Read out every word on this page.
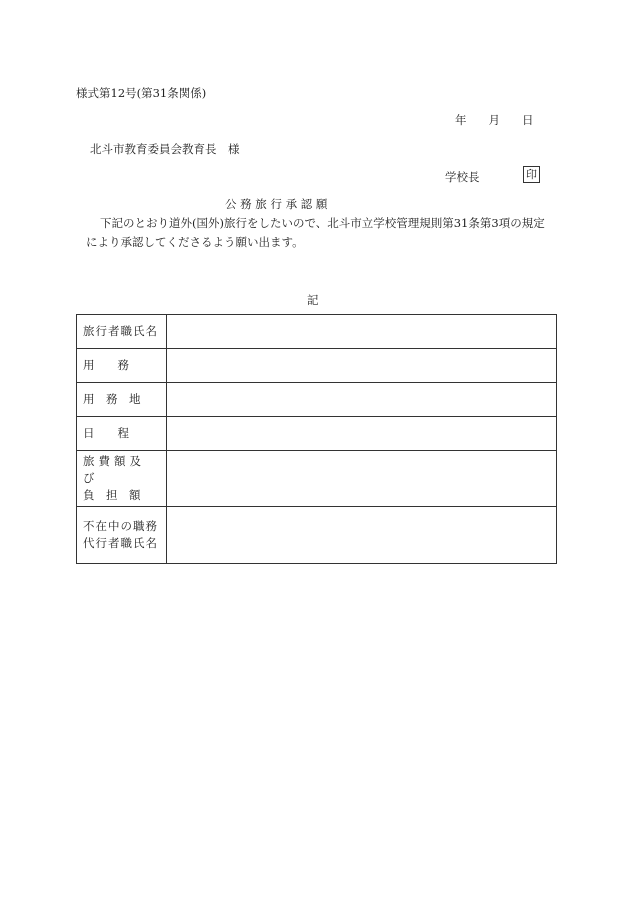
様式第12号(第31条関係)
年 月 日
北斗市教育委員会教育長　様
学校長	印
公 務 旅 行 承 認 願
下記のとおり道外(国外)旅行をしたいので、北斗市立学校管理規則第31条第3項の規定により承認してくださるよう願い出ます。
記
旅行者職氏名	

用　　務	

用　務　地	

日　　程	

旅費額及び
負　担　額	

不在中の職務
代行者職氏名	
